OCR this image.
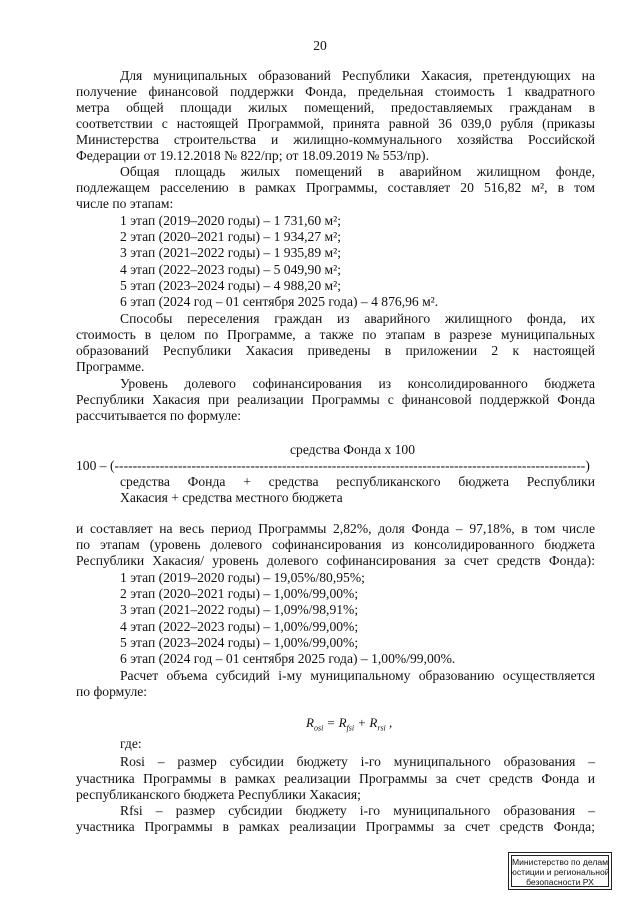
20
Для муниципальных образований Республики Хакасия, претендующих на
получение финансовой поддержки Фонда, предельная стоимость 1 квадратного
метра общей площади жилых помещений, предоставляемых гражданам в
соответствии с настоящей Программой, принята равной 36 039,0 рубля (приказы
Министерства строительства и жилищно-коммунального хозяйства Российской
Федерации от 19.12.2018 № 822/пр; от 18.09.2019 № 553/пр).
Общая площадь жилых помещений в аварийном жилищном фонде,
подлежащем расселению в рамках Программы, составляет 20 516,82 м², в том
числе по этапам:
1 этап (2019–2020 годы) – 1 731,60 м²;
2 этап (2020–2021 годы) – 1 934,27 м²;
3 этап (2021–2022 годы) – 1 935,89 м²;
4 этап (2022–2023 годы) – 5 049,90 м²;
5 этап (2023–2024 годы) – 4 988,20 м²;
6 этап (2024 год – 01 сентября 2025 года) – 4 876,96 м².
Способы переселения граждан из аварийного жилищного фонда, их
стоимость в целом по Программе, а также по этапам в разрезе муниципальных
образований Республики Хакасия приведены в приложении 2 к настоящей
Программе.
Уровень долевого софинансирования из консолидированного бюджета
Республики Хакасия при реализации Программы с финансовой поддержкой Фонда
рассчитывается по формуле:
средства Фонда + средства республиканского бюджета Республики
Хакасия + средства местного бюджета
и составляет на весь период Программы 2,82%, доля Фонда – 97,18%, в том числе
по этапам (уровень долевого софинансирования из консолидированного бюджета
Республики Хакасия/ уровень долевого софинансирования за счет средств Фонда):
1 этап (2019–2020 годы) – 19,05%/80,95%;
2 этап (2020–2021 годы) – 1,00%/99,00%;
3 этап (2021–2022 годы) – 1,09%/98,91%;
4 этап (2022–2023 годы) – 1,00%/99,00%;
5 этап (2023–2024 годы) – 1,00%/99,00%;
6 этап (2024 год – 01 сентября 2025 года) – 1,00%/99,00%.
Расчет объема субсидий i-му муниципальному образованию осуществляется
по формуле:
где:
Rоsi – размер субсидии бюджету i-го муниципального образования –
участника Программы в рамках реализации Программы за счет средств Фонда и
республиканского бюджета Республики Хакасия;
Rfsi – размер субсидии бюджету i-го муниципального образования –
участника Программы в рамках реализации Программы за счет средств Фонда;
средства Фонда х 100
100 – (--------------------------------------------------------------------------------------------------------)
$R_{оsi} = R_{fsi} + R_{rsi}$ ,
Министерство по делам
юстиции и региональной
безопасности РХ
